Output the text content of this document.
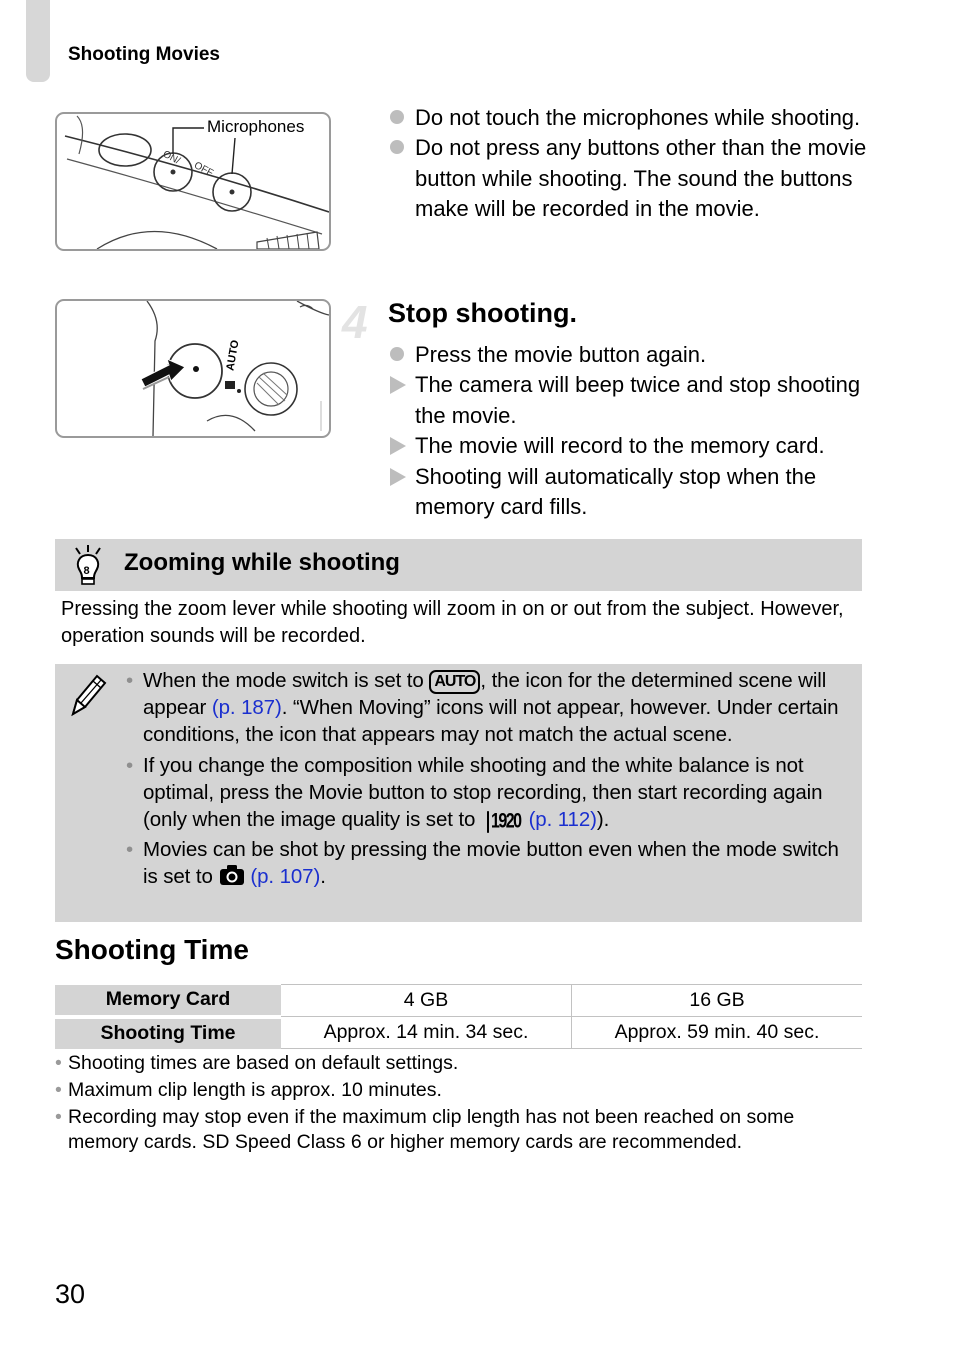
Shooting Movies
ON/
OFF
Microphones
AUTO
Do not touch the microphones while shooting.
Do not press any buttons other than the movie button while shooting. The sound the buttons make will be recorded in the movie.
4 Stop shooting.
Press the movie button again.
The camera will beep twice and stop shooting the movie.
The movie will record to the memory card.
Shooting will automatically stop when the memory card fills.
8 Zooming while shooting
Pressing the zoom lever while shooting will zoom in on or out from the subject. However, operation sounds will be recorded.
• When the mode switch is set to AUTO , the icon for the determined scene will appear (p. 187). “When Moving” icons will not appear, however. Under certain conditions, the icon that appears may not match the actual scene.
• If you change the composition while shooting and the white balance is not optimal, press the Movie button to stop recording, then start recording again (only when the image quality is set to 1920 (p. 112)).
• Movies can be shot by pressing the movie button even when the mode switch is set to (p. 107).
Shooting Time
Memory Card	4 GB	16 GB
Shooting Time	Approx. 14 min. 34 sec.	Approx. 59 min. 40 sec.
• Shooting times are based on default settings.
• Maximum clip length is approx. 10 minutes.
• Recording may stop even if the maximum clip length has not been reached on some memory cards. SD Speed Class 6 or higher memory cards are recommended.
30
